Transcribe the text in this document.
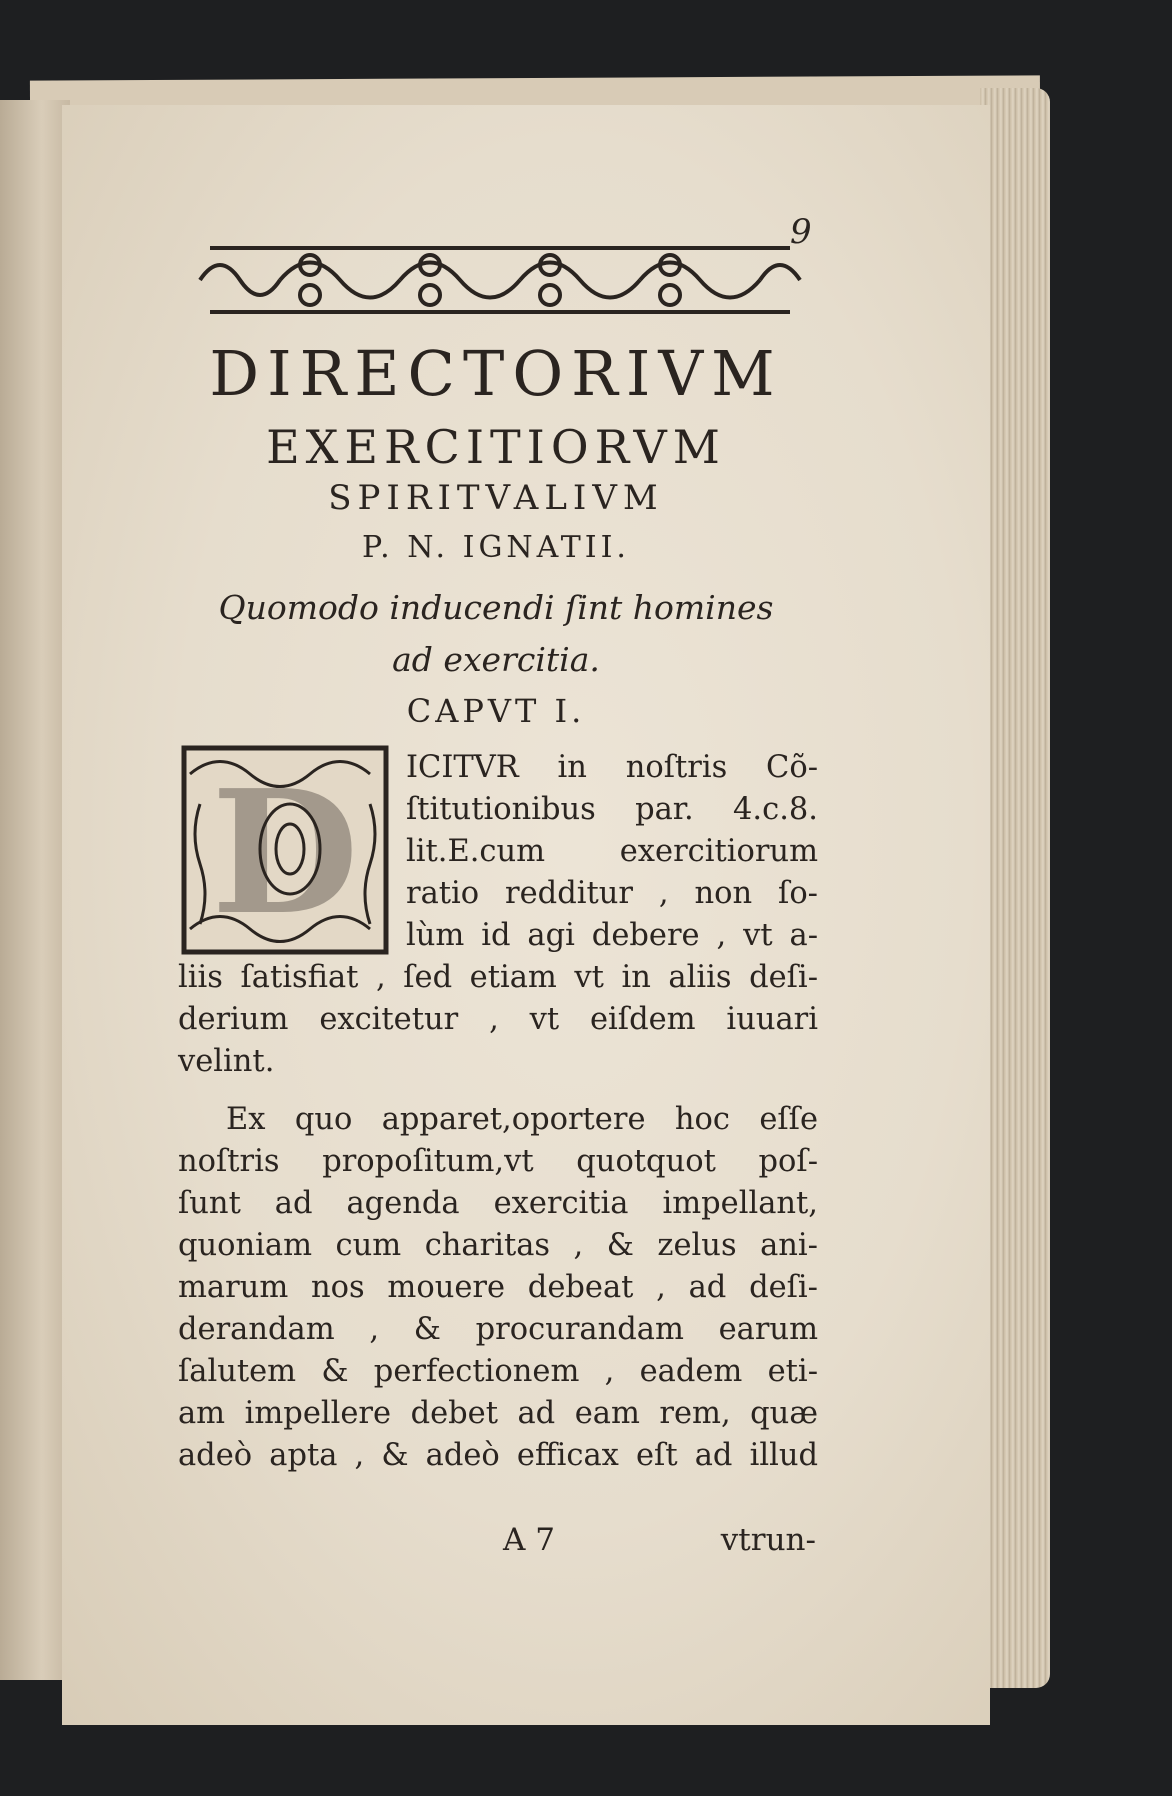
9
DIRECTORIVM
EXERCITIORVM
SPIRITVALIVM
P. N. IGNATII.
Quomodo inducendi ſint homines
ad exercitia.
CAPVT I.
D ICITVR in noſtris Cõ-
ſtitutionibus par. 4.c.8.
lit.E.cum exercitiorum
ratio redditur , non ſo-
lùm id agi debere , vt a-
liis ſatisfiat , ſed etiam vt in aliis deſi-
derium excitetur , vt eiſdem iuuari
velint.
Ex quo apparet,oportere hoc eſſe
noſtris propoſitum,vt quotquot poſ-
ſunt ad agenda exercitia impellant,
quoniam cum charitas , & zelus ani-
marum nos mouere debeat , ad deſi-
derandam , & procurandam earum
ſalutem & perfectionem , eadem eti-
am impellere debet ad eam rem, quæ
adeò apta , & adeò efficax eſt ad illud
A 7	vtrun-
